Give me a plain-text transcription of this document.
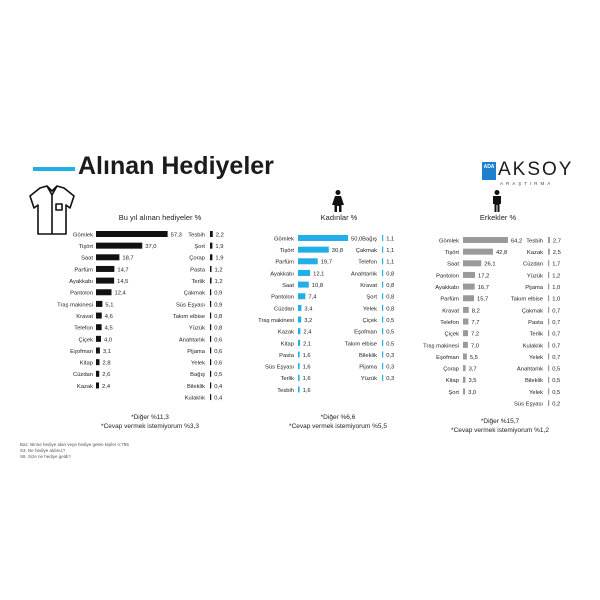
Alınan Hediyeler	ADA AKSOY
ARAŞTIRMA
Bu yıl alınan hediyeler %	Kadınlar %	Erkekler %
*Diğer %11,3
*Cevap vermek istemiyorum %3,3
*Diğer %6,6
*Cevap vermek istemiyorum %5,5
*Diğer %15,7
*Cevap vermek istemiyorum %1,2
Gömlek	57,3
Tişört	37,0
Saat	18,7
Parfüm	14,7
Ayakkabı	14,5
Pantolon	12,4
Traş makinesi 5,1
Kravat 4,6
Telefon 4,5
Çiçek 4,0
Eşofman 3,1
Kitap 2,8
Cüzdan 2,6
Kazak 2,4
Tesbih 2,2
Şort 1,9
Çorap 1,9
Pasta 1,2
Terlik 1,2
Çakmak 0,9
Süs Eşyası 0,9
Takım elbise 0,8
Yüzük 0,8
Anahtarlık 0,6
Pijama 0,6
Yelek 0,6
Bağış 0,5
Bileklik 0,4
Kulaklık 0,4
Gömlek	50,0
Tişört	30,8
Parfüm	19,7
Ayakkabı	12,1
Saat	10,8
Pantolon 7,4
Cüzdan 3,4
Traş makinesi 3,2
Kazak 2,4
Kitap 2,1
Pasta 1,6
Süs Eşyası 1,6
Terlik 1,6
Tesbih 1,6
Bağış 1,1
Çakmak 1,1
Telefon 1,1
Anahtarlık 0,8
Kravat 0,8
Şort 0,8
Yelek 0,8
Çiçek 0,5
Eşofman 0,5
Takım elbise 0,5
Bileklik 0,3
Pijama 0,3
Yüzük 0,3
Gömlek	64,2
Tişört	42,8
Saat	26,1
Pantolon	17,2
Ayakkabı	16,7
Parfüm	15,7
Kravat 8,2
Telefon 7,7
Çiçek 7,2
Traş makinesi 7,0
Eşofman 5,5
Çorap 3,7
Kitap 3,5
Şort 3,0
Tesbih 2,7
Kazak 2,5
Cüzdan 1,7
Yüzük 1,2
Pijama 1,0
Takım elbise 1,0
Çakmak 0,7
Pasta 0,7
Terlik 0,7
Kulaklık 0,7
Yelek 0,7
Anahtarlık 0,5
Bileklik 0,5
Yelek 0,5
Süs Eşyası 0,2
Baz: Birine hediye alan veya hediye gelen kişiler n:795
S3. Ne hediye aldınız?
S8. Size ne hediye geldi?
